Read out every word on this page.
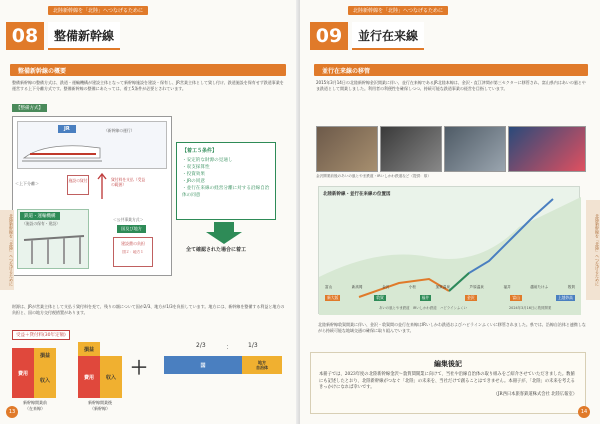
北陸新幹線を「北陸」へつなげるために
08	整備新幹線
整備新幹線の概要
整備新幹線の整備方式は、鉄道・運輸機構が建設主体となって新幹線施設を建設・保有し、JR営業主体として貸し付け、鉄道施設を保有せず鉄道事業を運営する上下分離方式です。整備新幹線の整備にあたっては、着工5条件が必要とされています。
【整備方式】
JR	（新幹線の運行）
＜上下分離＞
施設の貸付	貸付料を支払（受益の範囲）
鉄道・運輸機構
（施設の保有・建設）
＜公共事業方式＞
国及び地方
建設費の負担
国２：地方１
【着工５条件】
・安定的な財源の見通し
・収支採算性
・投資効果
・JRの同意
・並行在来線の経営分離に対する沿線自治体の同意
全て確認された場合に着工
財源は、JRが営業主体として支払う貸付料を充て、残りの額について国が2/3、地方が1/3を負担しています。地方には、新幹線を整備する利益と地方の負担と、国の地方交付税措置があります。
受益＋貸付料(30年定額)
費用
損益
収入
新幹線開業前
（在来線）
損益
費用	収入
新幹線開業後
（新幹線）
＋
2/3	：	1/3
国	地方
自治体
13
北陸新幹線を「北陸」へつなげるために
北陸新幹線を「北陸」へつなげるために
09	並行在来線
並行在来線の移管
2015年3月14日の北陸新幹線金沢開業に伴い、並行在来線であるJR北陸本線は、金沢・直江津間が第三セクターに移管され、富山県内はあいの風とやま鉄道として開業しました。利用者の利便性を確保しつつ、持続可能な鉄道事業の経営を目指しています。
金沢開業前後のあいの風とやま鉄道・IRいしかわ鉄道など（提供：県）
北陸新幹線・並行在来線の位置図
富山	新高岡	金沢	小松	加賀温泉	芦原温泉	福井	越前たけふ	敦賀
新大阪	敦賀	福井	金沢	富山	上越妙高
あいの風とやま鉄道　IRいしかわ鉄道　ハピラインふくい	2024年3月16日に敦賀開業
北陸新幹線敦賀開業に伴い、金沢・敦賀間の並行在来線はIRいしかわ鉄道およびハピラインふくいに移管されました。県では、沿線自治体と連携しながら持続可能な地域交通の確保に取り組んでいます。
編集後記

本冊子では、2023年度の北陸新幹線金沢～敦賀間開業に向けて、当社や沿線自治体の取り組みをご紹介させていただきました。数値にも記述したとおり、北陸新幹線がつなぐ「北陸」の未来を、当社だけで創ることはできません。本冊子が、「北陸」の未来を考えるきっかけになれば幸いです。

（JR西日本旅客鉄道株式会社 北陸広報室）

14
北陸新幹線を「北陸」へつなげるために
